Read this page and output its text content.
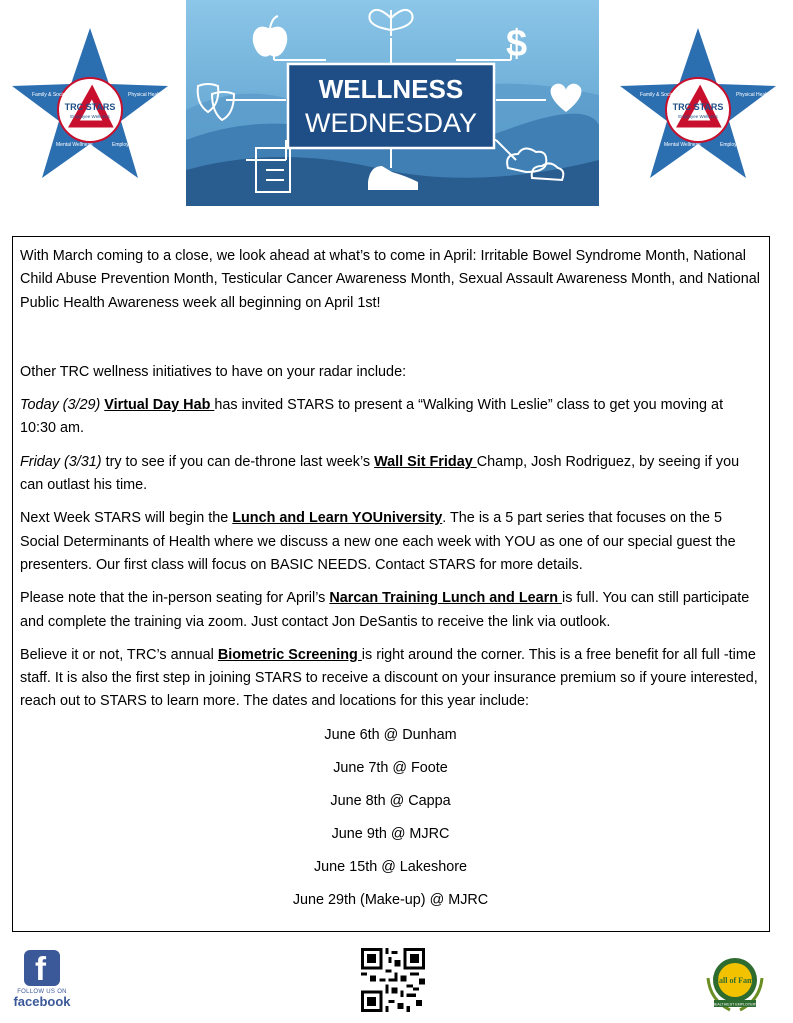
Basic Needs
Physical Health
Employment
Mental Wellness
Family & Social
TRC STARS
Employee Wellness
WELLNESS
WEDNESDAY
$	Basic Needs
Physical Health
Employment
Mental Wellness
Family & Social
TRC STARS
Employee Wellness

With March coming to a close, we look ahead at what’s to come in April: Irritable Bowel Syndrome Month, National Child Abuse Prevention Month, Testicular Cancer Awareness Month, Sexual Assault Awareness Month, and National Public Health Awareness week all beginning on April 1st!

Other TRC wellness initiatives to have on your radar include:

Today (3/29) Virtual Day Hab has invited STARS to present a “Walking With Leslie” class to get you moving at 10:30 am.

Friday (3/31) try to see if you can de-throne last week’s Wall Sit Friday Champ, Josh Rodriguez, by seeing if you can outlast his time.

Next Week STARS will begin the Lunch and Learn YOUniversity. The is a 5 part series that focuses on the 5 Social Determinants of Health where we discuss a new one each week with YOU as one of our special guest the presenters. Our first class will focus on BASIC NEEDS. Contact STARS for more details.

Please note that the in-person seating for April’s Narcan Training Lunch and Learn is full. You can still participate and complete the training via zoom. Just contact Jon DeSantis to receive the link via outlook.

Believe it or not, TRC’s annual Biometric Screening is right around the corner. This is a free benefit for all full -time staff. It is also the first step in joining STARS to receive a discount on your insurance premium so if youre interested, reach out to STARS to learn more. The dates and locations for this year include:

June 6th @ Dunham
June 7th @ Foote
June 8th @ Cappa
June 9th @ MJRC
June 15th @ Lakeshore
June 29th (Make-up) @ MJRC
f
FOLLOW US ON
facebook
Hall of Fame
HEALTHIEST EMPLOYERS
